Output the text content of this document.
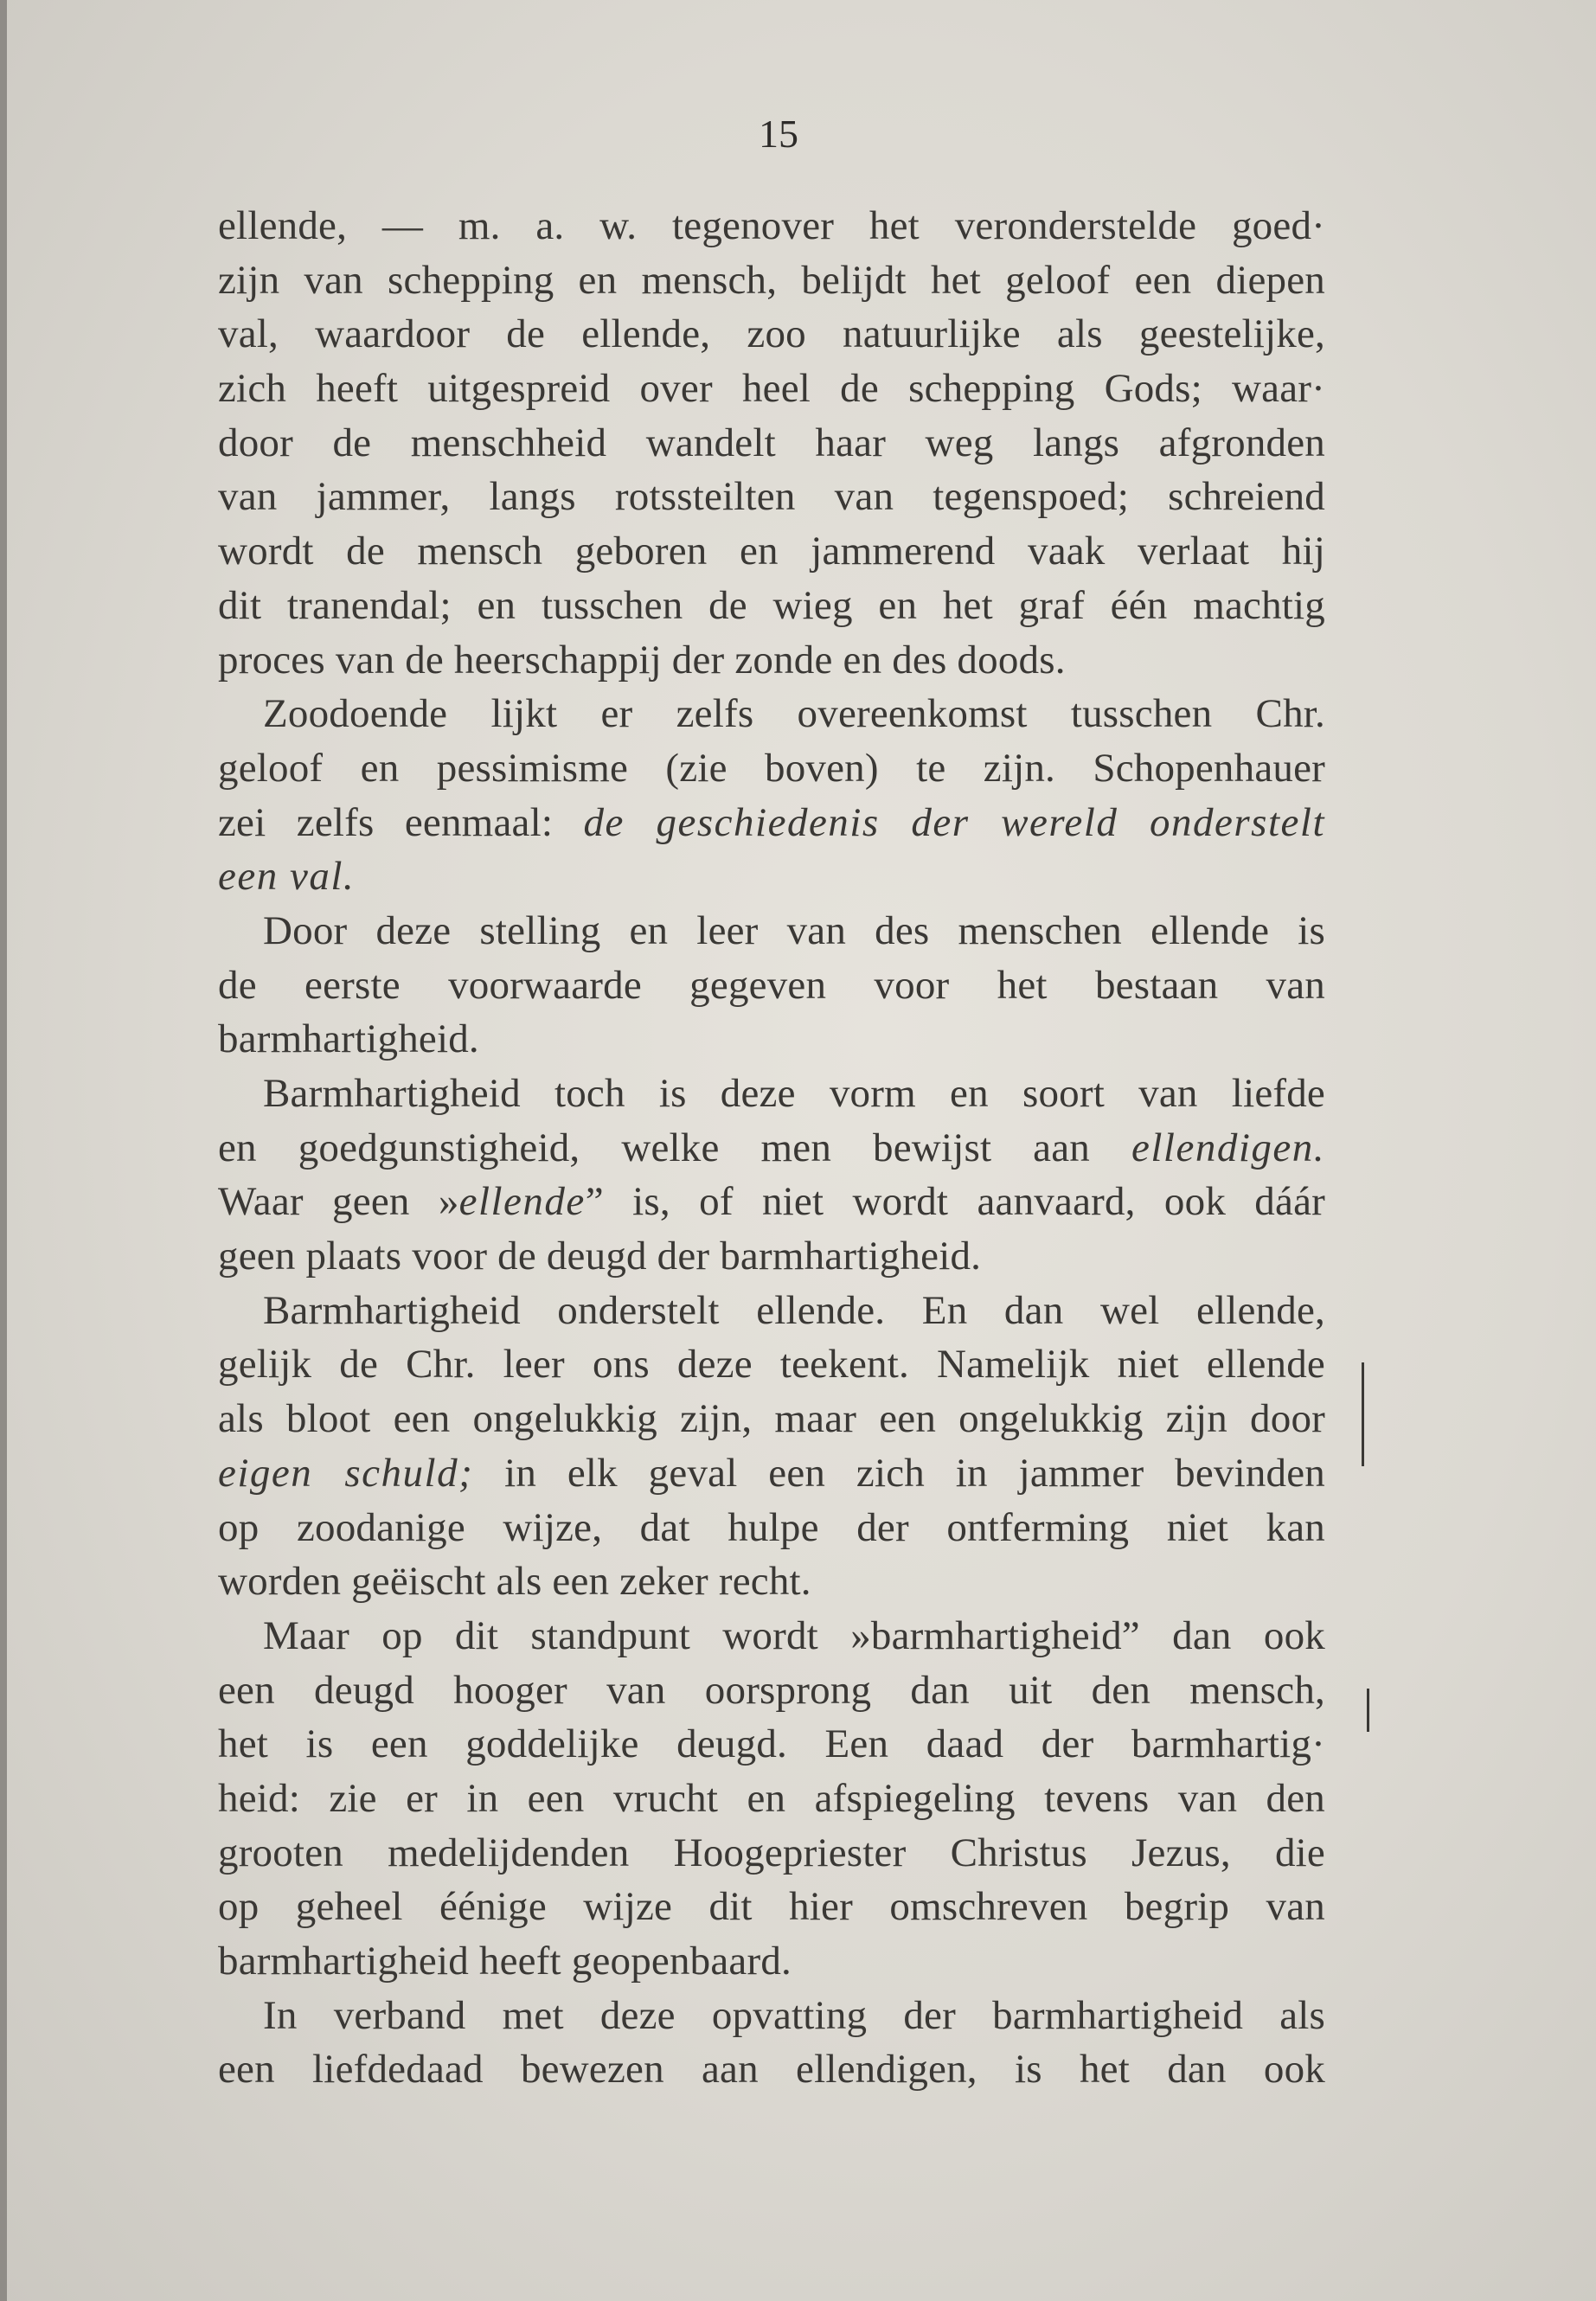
15
ellende, — m. a. w. tegenover het veronderstelde goed·
zijn van schepping en mensch, belijdt het geloof een diepen
val, waardoor de ellende, zoo natuurlijke als geestelijke,
zich heeft uitgespreid over heel de schepping Gods; waar·
door de menschheid wandelt haar weg langs afgronden
van jammer, langs rotssteilten van tegenspoed; schreiend
wordt de mensch geboren en jammerend vaak verlaat hij
dit tranendal; en tusschen de wieg en het graf één machtig
proces van de heerschappij der zonde en des doods.
Zoodoende lijkt er zelfs overeenkomst tusschen Chr.
geloof en pessimisme (zie boven) te zijn. Schopenhauer
zei zelfs eenmaal: de geschiedenis der wereld onderstelt
een val.
Door deze stelling en leer van des menschen ellende is
de eerste voorwaarde gegeven voor het bestaan van
barmhartigheid.
Barmhartigheid toch is deze vorm en soort van liefde
en goedgunstigheid, welke men bewijst aan ellendigen.
Waar geen »ellende” is, of niet wordt aanvaard, ook dáár
geen plaats voor de deugd der barmhartigheid.
Barmhartigheid onderstelt ellende. En dan wel ellende,
gelijk de Chr. leer ons deze teekent. Namelijk niet ellende
als bloot een ongelukkig zijn, maar een ongelukkig zijn door
eigen schuld; in elk geval een zich in jammer bevinden
op zoodanige wijze, dat hulpe der ontferming niet kan
worden geëischt als een zeker recht.
Maar op dit standpunt wordt »barmhartigheid” dan ook
een deugd hooger van oorsprong dan uit den mensch,
het is een goddelijke deugd. Een daad der barmhartig·
heid: zie er in een vrucht en afspiegeling tevens van den
grooten medelijdenden Hoogepriester Christus Jezus, die
op geheel éénige wijze dit hier omschreven begrip van
barmhartigheid heeft geopenbaard.
In verband met deze opvatting der barmhartigheid als
een liefdedaad bewezen aan ellendigen, is het dan ook
